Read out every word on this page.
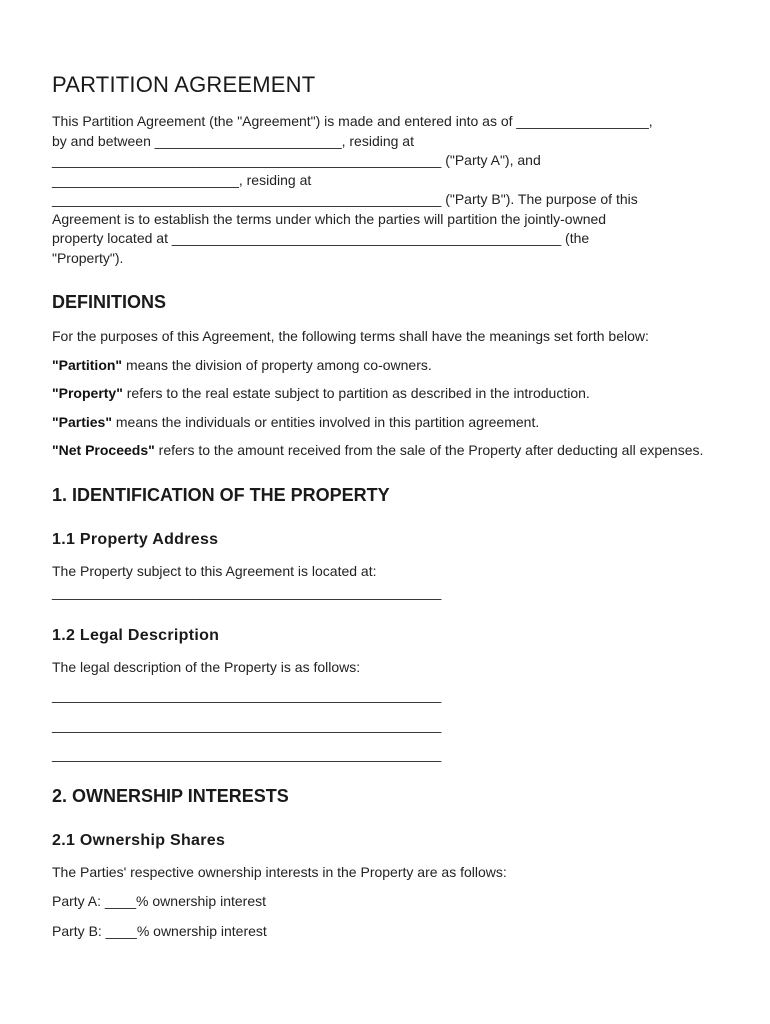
PARTITION AGREEMENT

This Partition Agreement (the "Agreement") is made and entered into as of _________________,
by and between ________________________, residing at
__________________________________________________ ("Party A"), and
________________________, residing at
__________________________________________________ ("Party B"). The purpose of this
Agreement is to establish the terms under which the parties will partition the jointly-owned
property located at __________________________________________________ (the
"Property").

DEFINITIONS

For the purposes of this Agreement, the following terms shall have the meanings set forth below:

"Partition" means the division of property among co-owners.

"Property" refers to the real estate subject to partition as described in the introduction.

"Parties" means the individuals or entities involved in this partition agreement.

"Net Proceeds" refers to the amount received from the sale of the Property after deducting all expenses.

1. IDENTIFICATION OF THE PROPERTY
1.1 Property Address

The Property subject to this Agreement is located at:

__________________________________________________

1.2 Legal Description

The legal description of the Property is as follows:

__________________________________________________

__________________________________________________

__________________________________________________

2. OWNERSHIP INTERESTS
2.1 Ownership Shares

The Parties' respective ownership interests in the Property are as follows:

Party A: ____% ownership interest

Party B: ____% ownership interest
